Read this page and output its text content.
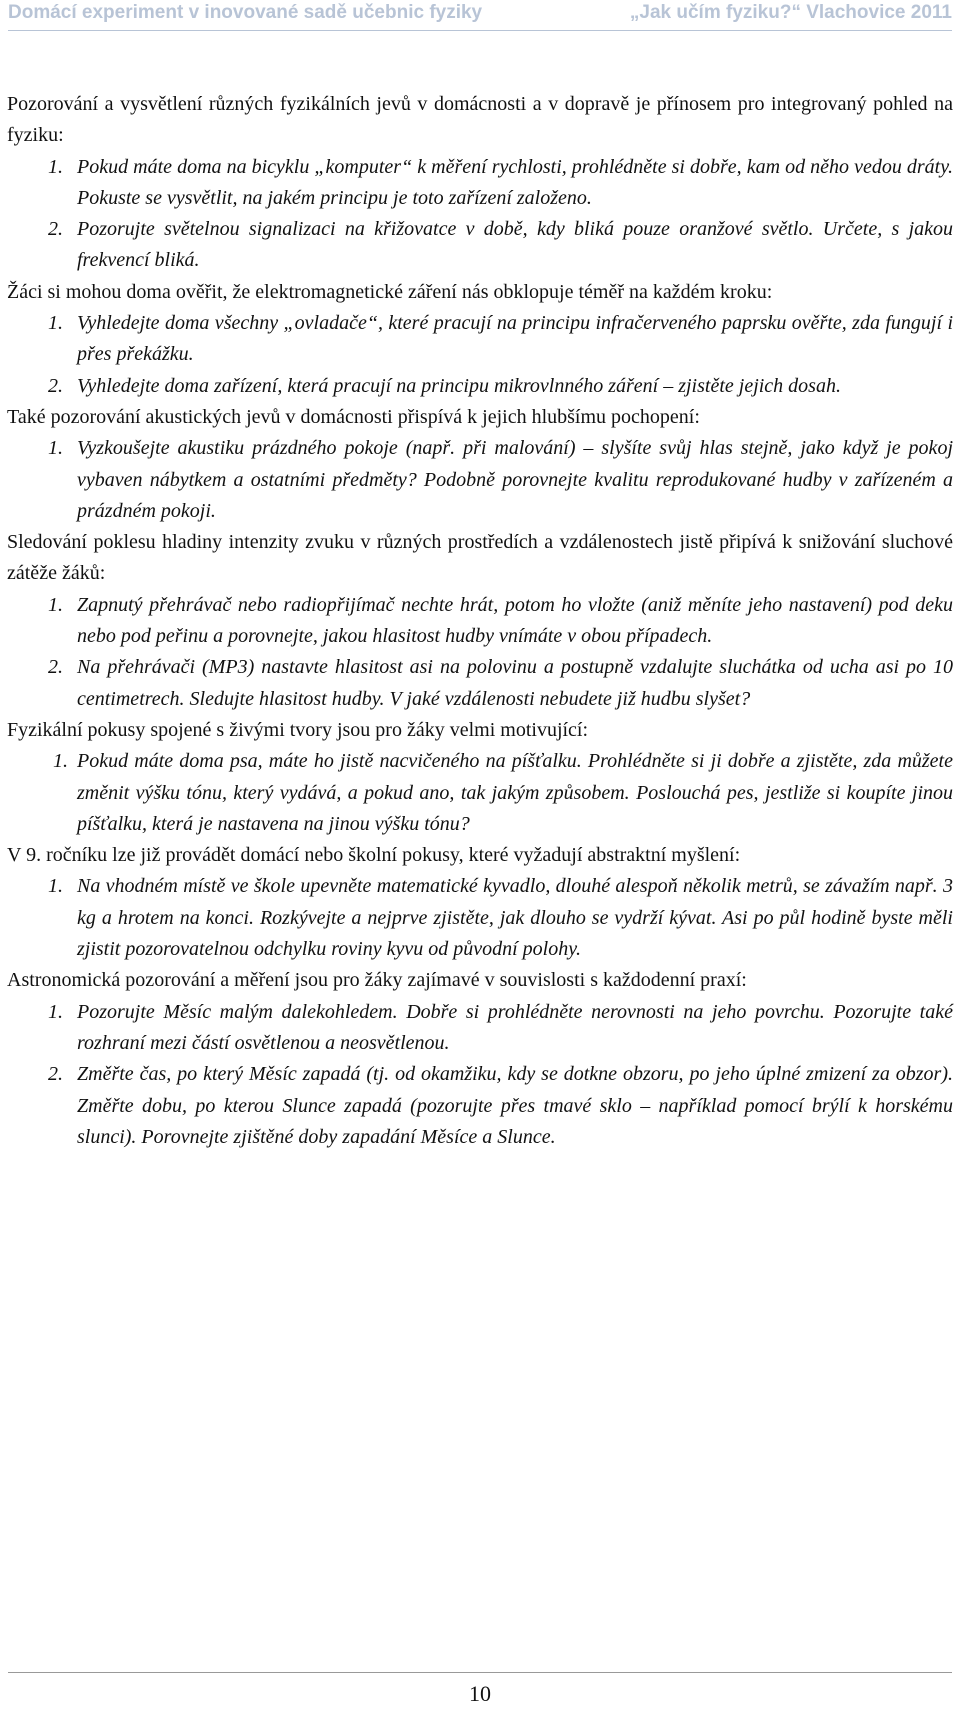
Domácí experiment v inovované sadě učebnic fyziky	„Jak učím fyziku?“ Vlachovice 2011

Pozorování a vysvětlení různých fyzikálních jevů v domácnosti a v dopravě je přínosem pro integrovaný pohled na fyziku:

1. Pokud máte doma na bicyklu „komputer“ k měření rychlosti, prohlédněte si dobře, kam od něho vedou dráty. Pokuste se vysvětlit, na jakém principu je toto zařízení založeno.
2. Pozorujte světelnou signalizaci na křižovatce v době, kdy bliká pouze oranžové světlo. Určete, s jakou frekvencí bliká.

Žáci si mohou doma ověřit, že elektromagnetické záření nás obklopuje téměř na každém kroku:

1. Vyhledejte doma všechny „ovladače“, které pracují na principu infračerveného paprsku ověřte, zda fungují i přes překážku.
2. Vyhledejte doma zařízení, která pracují na principu mikrovlnného záření – zjistěte jejich dosah.

Také pozorování akustických jevů v domácnosti přispívá k jejich hlubšímu pochopení:

1. Vyzkoušejte akustiku prázdného pokoje (např. při malování) – slyšíte svůj hlas stejně, jako když je pokoj vybaven nábytkem a ostatními předměty? Podobně porovnejte kvalitu reprodukované hudby v zařízeném a prázdném pokoji.

Sledování poklesu hladiny intenzity zvuku v různých prostředích a vzdálenostech jistě připívá k snižování sluchové zátěže žáků:

1. Zapnutý přehrávač nebo radiopřijímač nechte hrát, potom ho vložte (aniž měníte jeho nastavení) pod deku nebo pod peřinu a porovnejte, jakou hlasitost hudby vnímáte v obou případech.
2. Na přehrávači (MP3) nastavte hlasitost asi na polovinu a postupně vzdalujte sluchátka od ucha asi po 10 centimetrech. Sledujte hlasitost hudby. V jaké vzdálenosti nebudete již hudbu slyšet?

Fyzikální pokusy spojené s živými tvory jsou pro žáky velmi motivující:

1. Pokud máte doma psa, máte ho jistě nacvičeného na píšťalku. Prohlédněte si ji dobře a zjistěte, zda můžete změnit výšku tónu, který vydává, a pokud ano, tak jakým způsobem. Poslouchá pes, jestliže si koupíte jinou píšťalku, která je nastavena na jinou výšku tónu?

V 9. ročníku lze již provádět domácí nebo školní pokusy, které vyžadují abstraktní myšlení:

1. Na vhodném místě ve škole upevněte matematické kyvadlo, dlouhé alespoň několik metrů, se závažím např. 3 kg a hrotem na konci. Rozkývejte a nejprve zjistěte, jak dlouho se vydrží kývat. Asi po půl hodině byste měli zjistit pozorovatelnou odchylku roviny kyvu od původní polohy.

Astronomická pozorování a měření jsou pro žáky zajímavé v souvislosti s každodenní praxí:

1. Pozorujte Měsíc malým dalekohledem. Dobře si prohlédněte nerovnosti na jeho povrchu. Pozorujte také rozhraní mezi částí osvětlenou a neosvětlenou.
2. Změřte čas, po který Měsíc zapadá (tj. od okamžiku, kdy se dotkne obzoru, po jeho úplné zmizení za obzor). Změřte dobu, po kterou Slunce zapadá (pozorujte přes tmavé sklo – například pomocí brýlí k horskému slunci). Porovnejte zjištěné doby zapadání Měsíce a Slunce.
10
